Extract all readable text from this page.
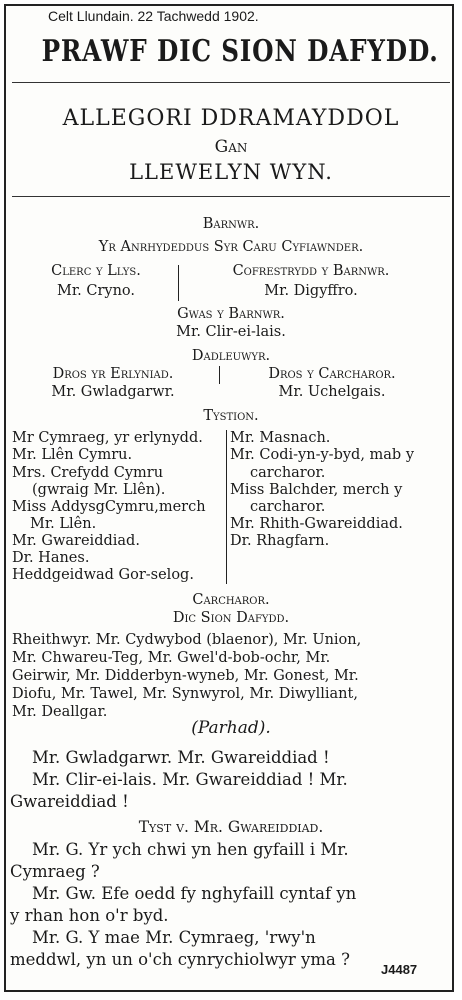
Celt Llundain. 22 Tachwedd 1902.
PRAWF DIC SION DAFYDD.
ALLEGORI DDRAMAYDDOL
Gan
LLEWELYN WYN.
Barnwr.
Yr Anrhydeddus Syr Caru Cyfiawnder.
Clerc y Llys.
Mr. Cryno.
Cofrestrydd y Barnwr.
Mr. Digyffro.
Gwas y Barnwr.
Mr. Clir-ei-lais.
Dadleuwyr.
Dros yr Erlyniad.
Mr. Gwladgarwr.
Dros y Carcharor.
Mr. Uchelgais.
Tystion.
Mr Cymraeg, yr erlynydd.
Mr. Llên Cymru.
Mrs. Crefydd Cymru
(gwraig Mr. Llên).
Miss AddysgCymru,merch
Mr. Llên.
Mr. Gwareiddiad.
Dr. Hanes.
Heddgeidwad Gor-selog.
Mr. Masnach.
Mr. Codi-yn-y-byd, mab y
carcharor.
Miss Balchder, merch y
carcharor.
Mr. Rhith-Gwareiddiad.
Dr. Rhagfarn.
Carcharor.
Dic Sion Dafydd.
Rheithwyr. Mr. Cydwybod (blaenor), Mr. Union,
Mr. Chwareu-Teg, Mr. Gwel'd-bob-ochr, Mr.
Geirwir, Mr. Didderbyn-wyneb, Mr. Gonest, Mr.
Diofu, Mr. Tawel, Mr. Synwyrol, Mr. Diwylliant,
Mr. Deallgar.
(Parhad).
Mr. Gwladgarwr. Mr. Gwareiddiad !
Mr. Clir-ei-lais. Mr. Gwareiddiad ! Mr.
Gwareiddiad !
Tyst v. Mr. Gwareiddiad.
Mr. G. Yr ych chwi yn hen gyfaill i Mr.
Cymraeg ?
Mr. Gw. Efe oedd fy nghyfaill cyntaf yn
y rhan hon o'r byd.
Mr. G. Y mae Mr. Cymraeg, 'rwy'n
meddwl, yn un o'ch cynrychiolwyr yma ?
J4487
